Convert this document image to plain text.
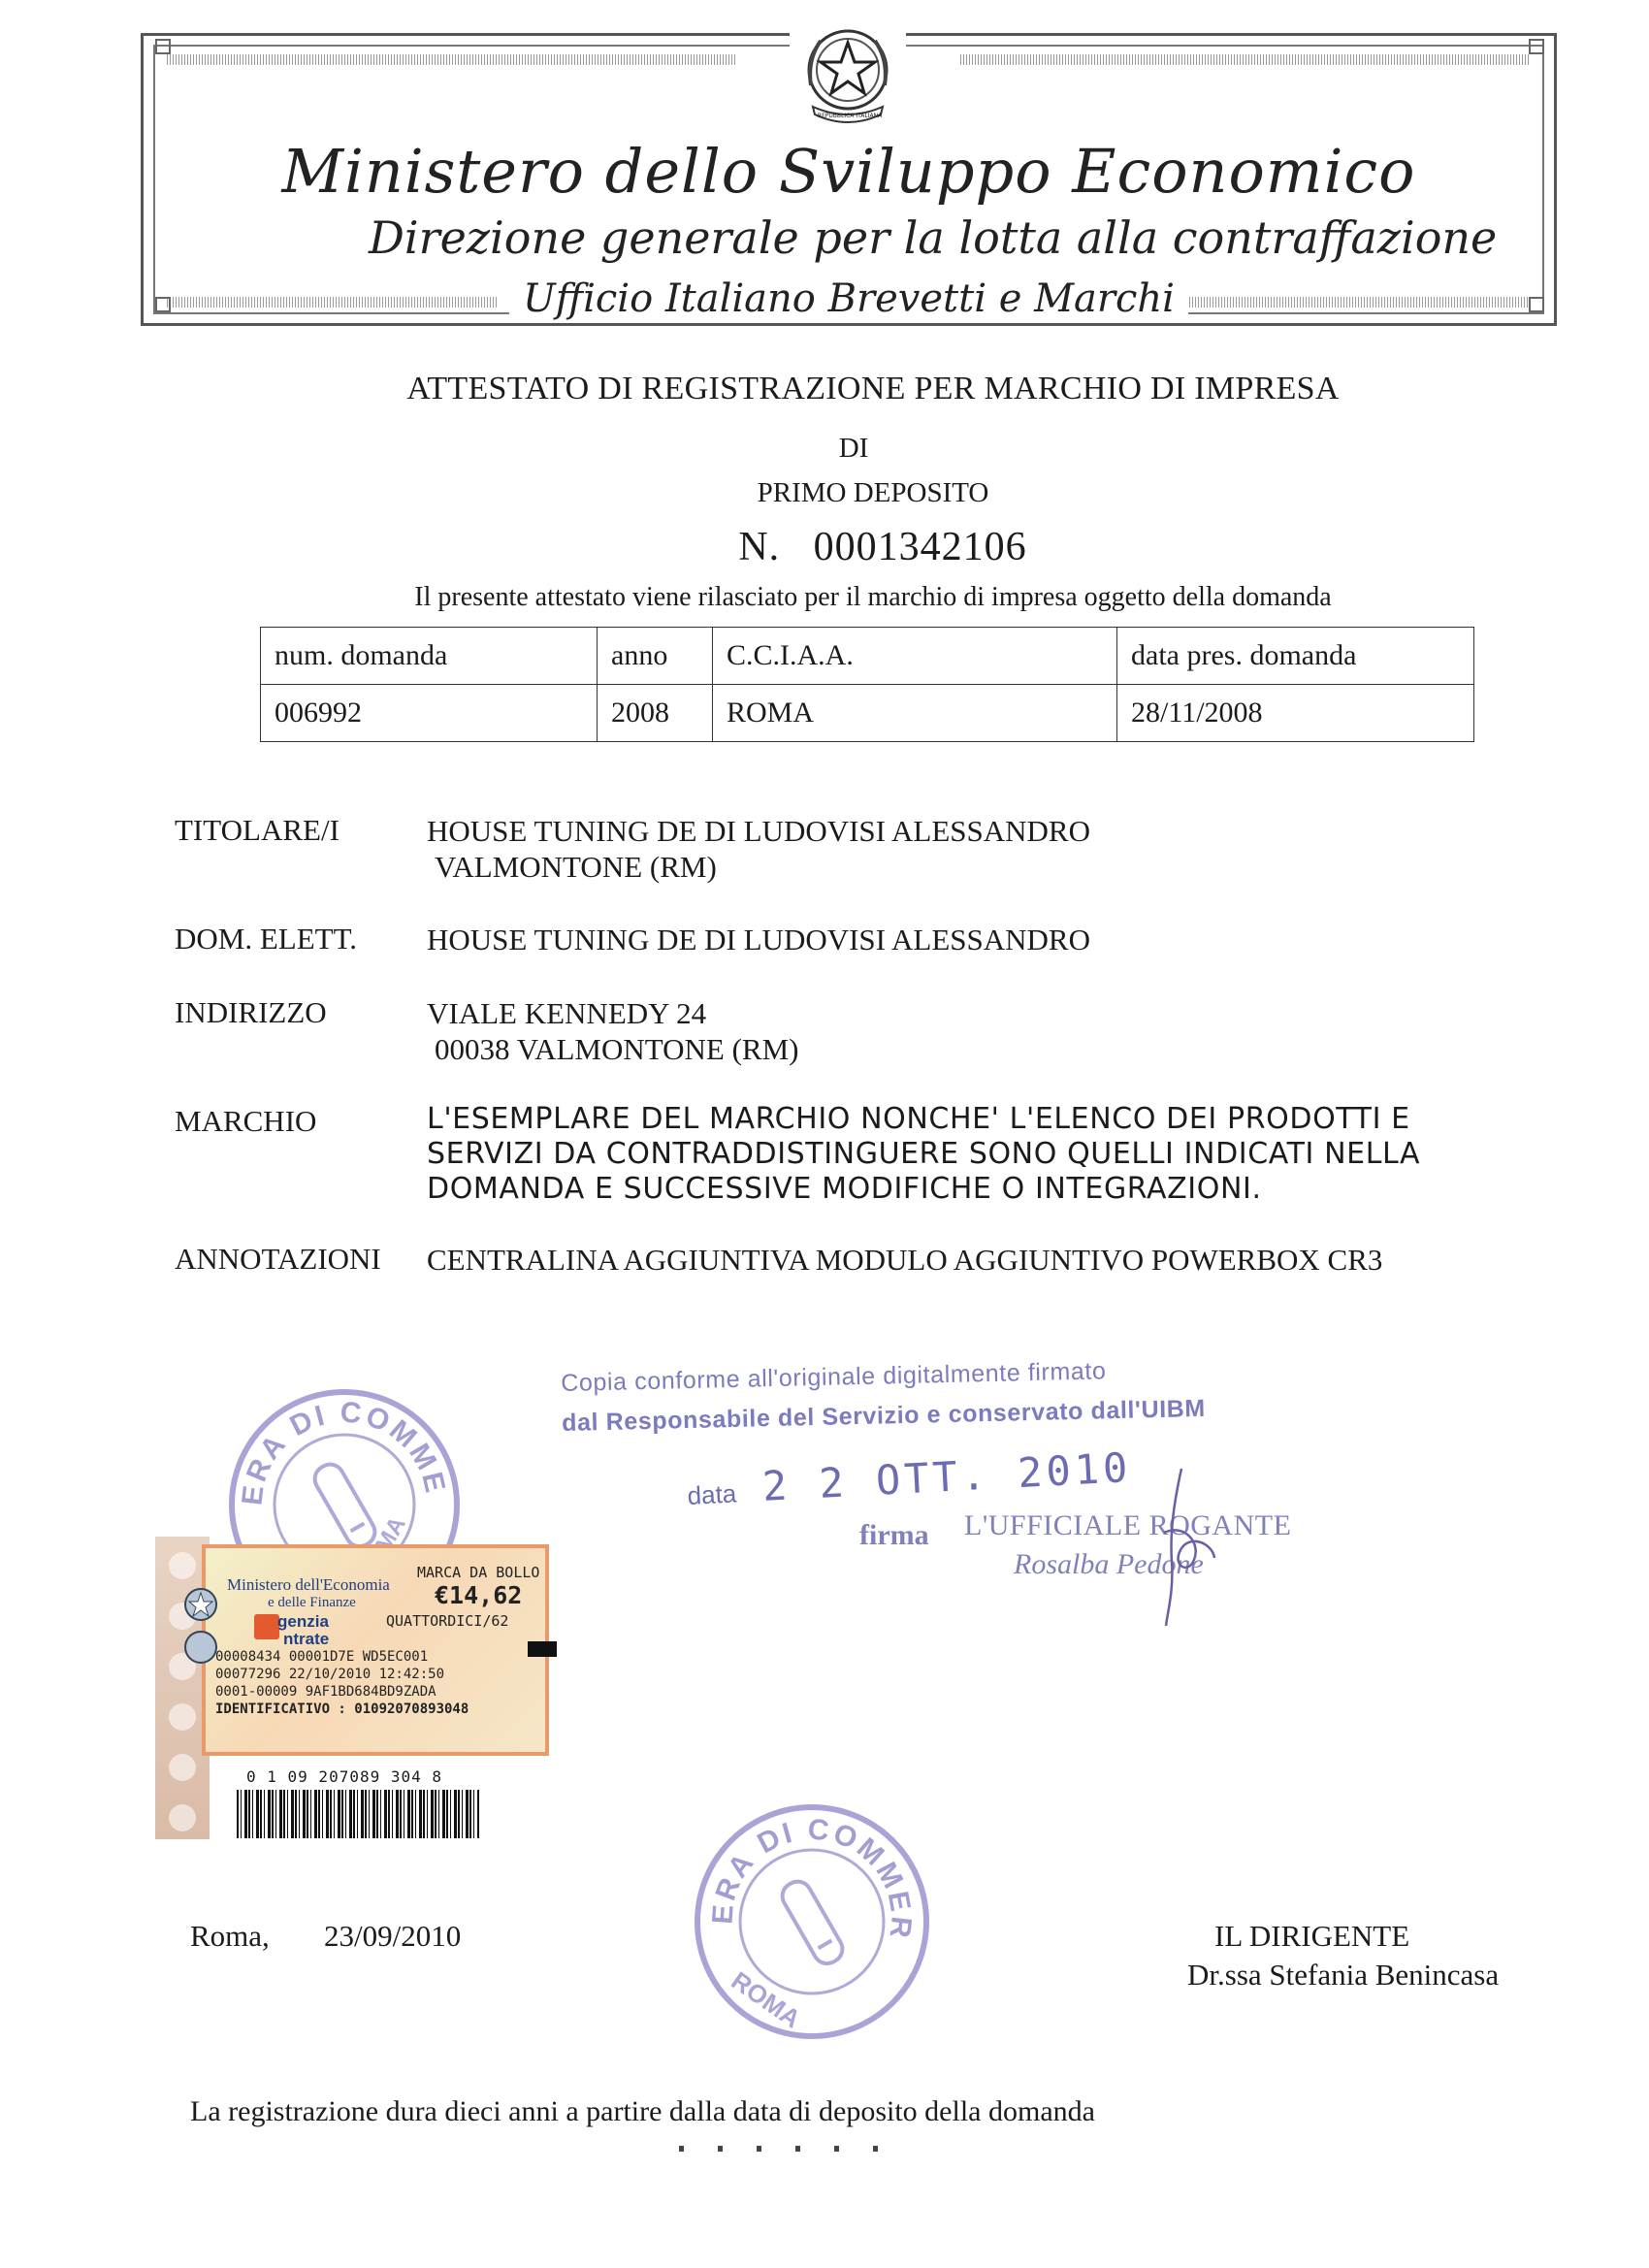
REPUBBLICA ITALIANA
Ministero dello Sviluppo Economico
Direzione generale per la lotta alla contraffazione
Ufficio Italiano Brevetti e Marchi
ATTESTATO DI REGISTRAZIONE PER MARCHIO DI IMPRESA
DI
PRIMO DEPOSITO
N.   0001342106
Il presente attestato viene rilasciato per il marchio di impresa oggetto della domanda
num. domanda	anno	C.C.I.A.A.	data pres. domanda
006992	2008	ROMA	28/11/2008
TITOLARE/I	HOUSE TUNING DE DI LUDOVISI ALESSANDRO
VALMONTONE (RM)
DOM. ELETT. HOUSE TUNING DE DI LUDOVISI ALESSANDRO
INDIRIZZO	VIALE KENNEDY 24
00038 VALMONTONE (RM)
MARCHIO	L'ESEMPLARE DEL MARCHIO NONCHE' L'ELENCO DEI PRODOTTI E
SERVIZI DA CONTRADDISTINGUERE SONO QUELLI INDICATI NELLA
DOMANDA E SUCCESSIVE MODIFICHE O INTEGRAZIONI.
ANNOTAZIONI CENTRALINA AGGIUNTIVA MODULO AGGIUNTIVO POWERBOX CR3
ERA DI COMME
Copia conforme all'originale digitalmente firmato
dal Responsabile del Servizio e conservato dall'UIBM
data 2 2 OTT. 2010
firma L'UFFICIALE ROGANTE
Rosalba Pedone
Ministero dell'Economia
e delle Finanze
MARCA DA BOLLO
€14,62
QUATTORDICI/62
genzia
ntrate
00008434 00001D7E WD5EC001
00077296 22/10/2010 12:42:50
0001-00009 9AF1BD684BD9ZADA
IDENTIFICATIVO : 01092070893048
0 1 09 207089 304 8
ERA DI COMMER
ROMA
Roma, 23/09/2010	IL DIRIGENTE
Dr.ssa Stefania Benincasa
La registrazione dura dieci anni a partire dalla data di deposito della domanda
